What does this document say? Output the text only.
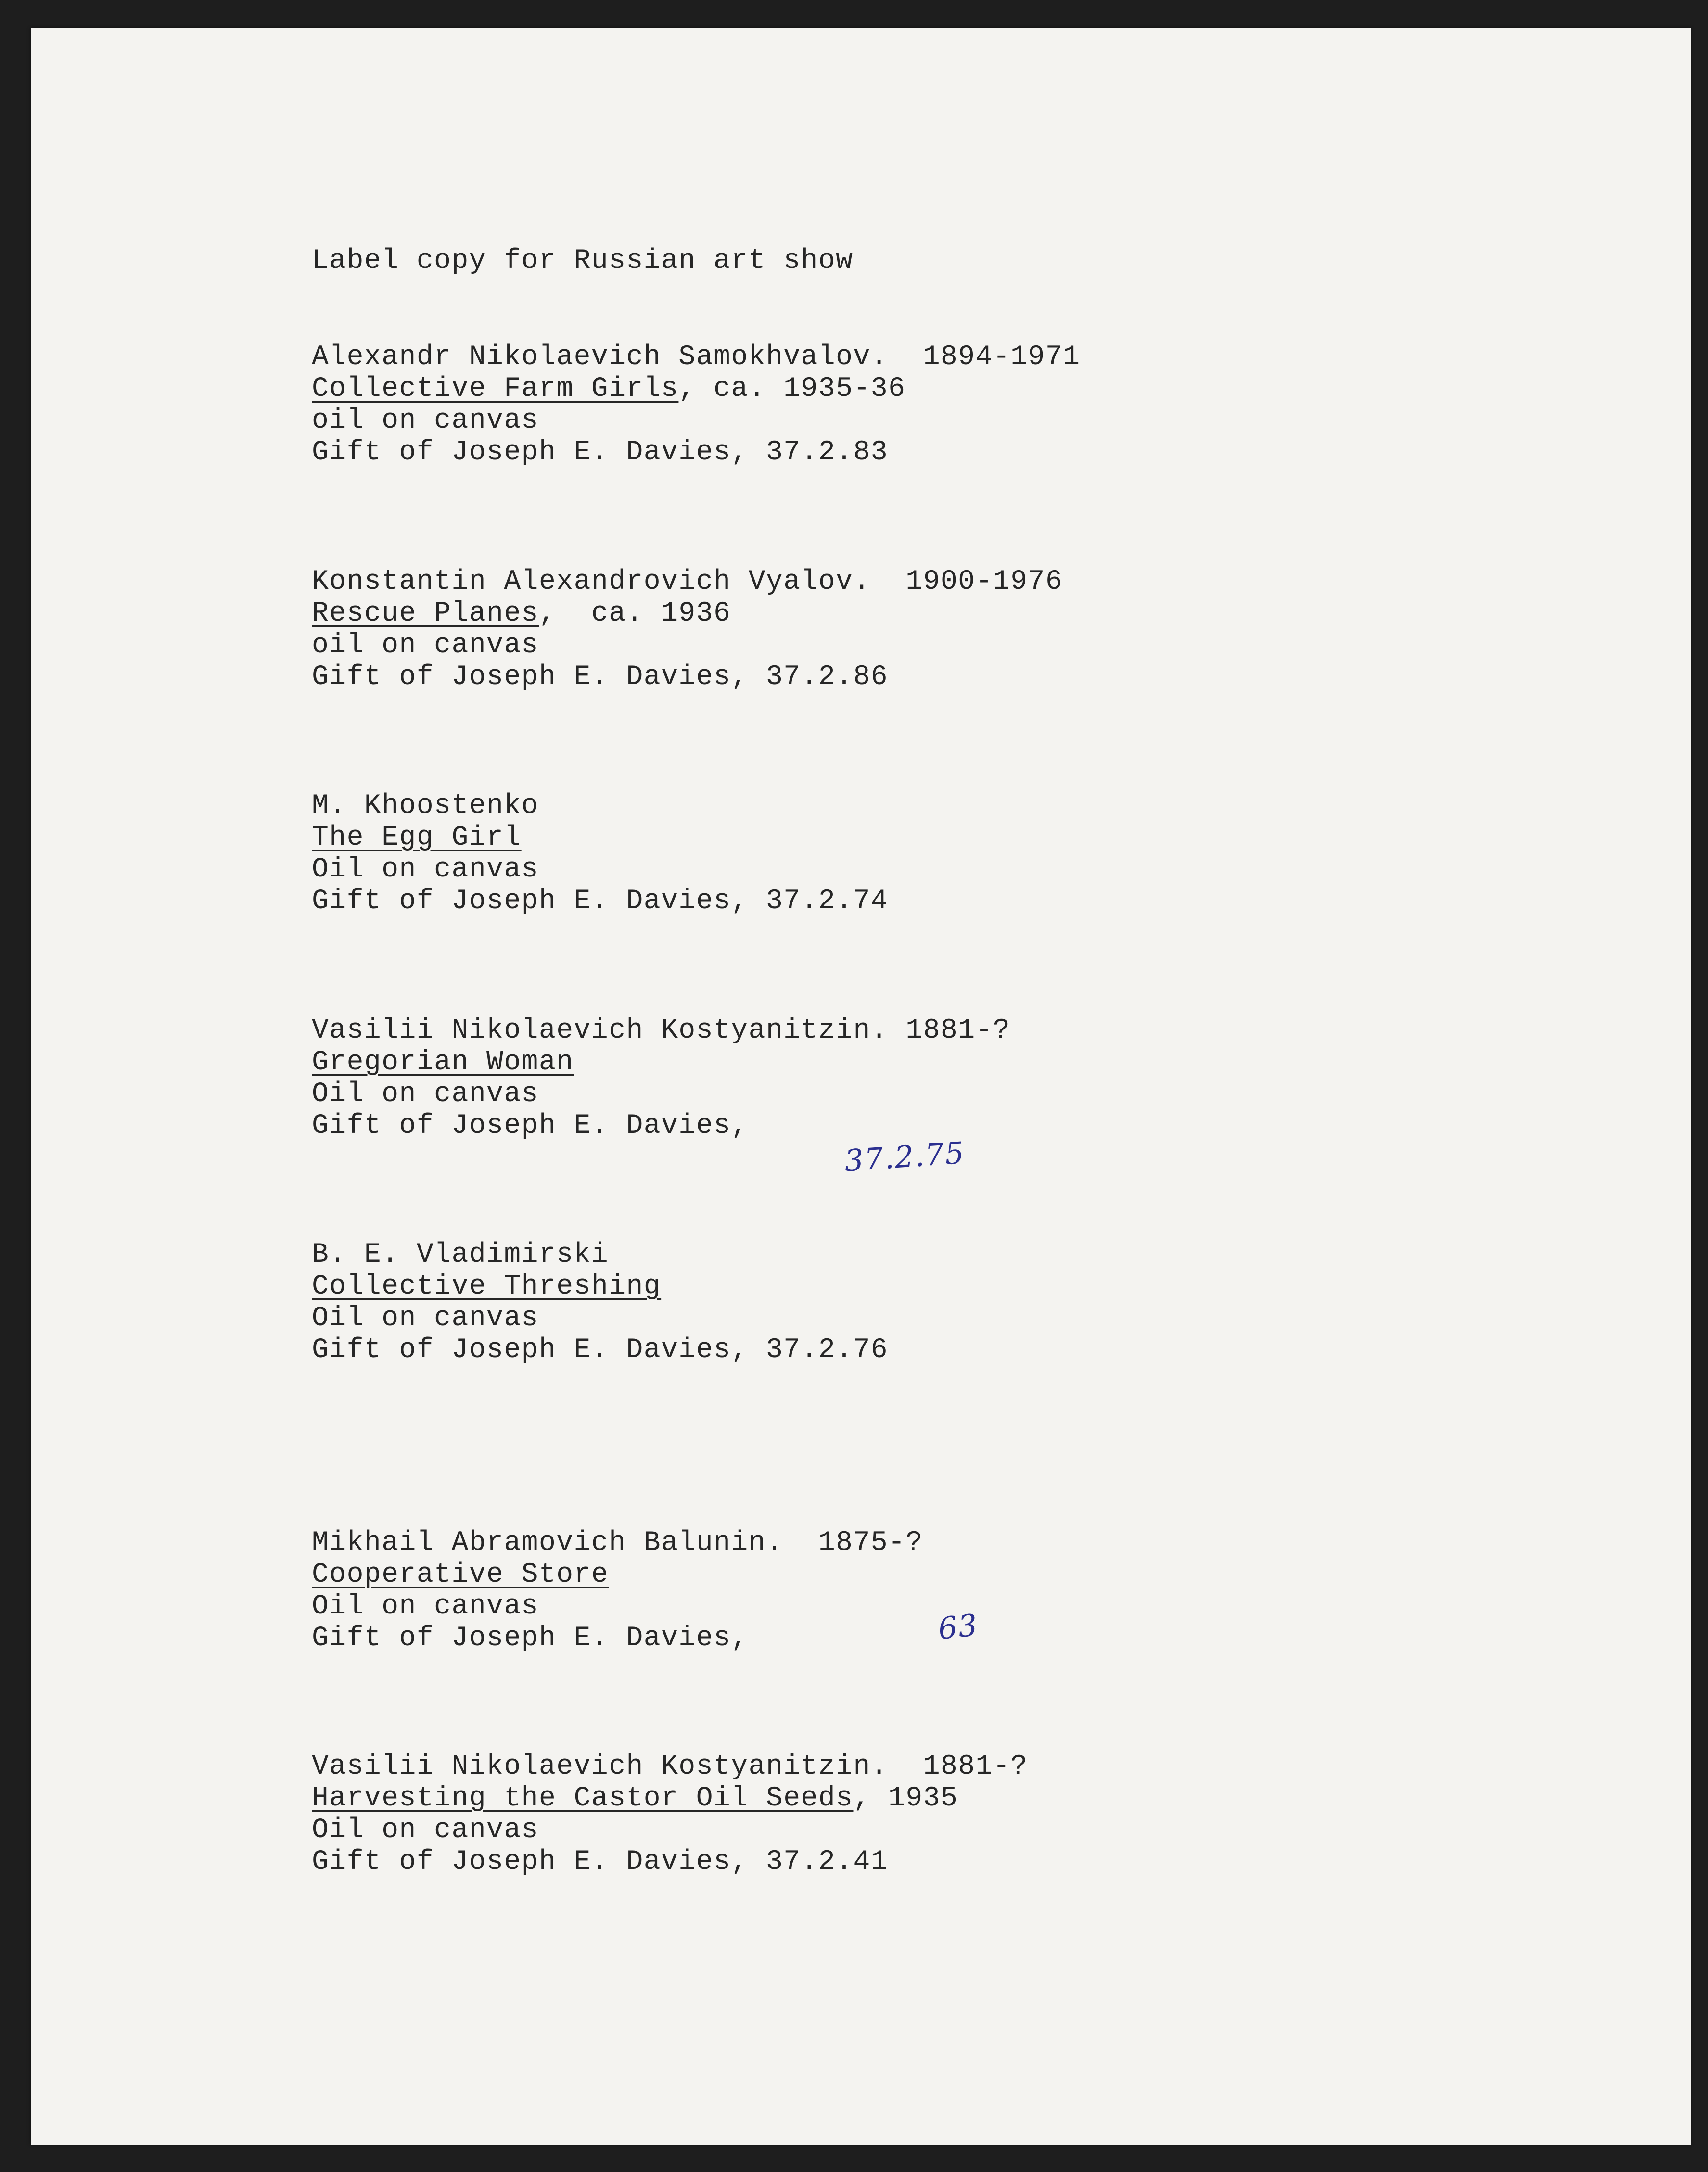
Label copy for Russian art show
Alexandr Nikolaevich Samokhvalov.  1894-1971
Collective Farm Girls, ca. 1935-36
oil on canvas
Gift of Joseph E. Davies, 37.2.83
Konstantin Alexandrovich Vyalov.  1900-1976
Rescue Planes,  ca. 1936
oil on canvas
Gift of Joseph E. Davies, 37.2.86
M. Khoostenko
The Egg Girl
Oil on canvas
Gift of Joseph E. Davies, 37.2.74
Vasilii Nikolaevich Kostyanitzin. 1881-?
Gregorian Woman
Oil on canvas
Gift of Joseph E. Davies,
B. E. Vladimirski
Collective Threshing
Oil on canvas
Gift of Joseph E. Davies, 37.2.76
Mikhail Abramovich Balunin.  1875-?
Cooperative Store
Oil on canvas
Gift of Joseph E. Davies,
Vasilii Nikolaevich Kostyanitzin.  1881-?
Harvesting the Castor Oil Seeds, 1935
Oil on canvas
Gift of Joseph E. Davies, 37.2.41
37.2.75
63
